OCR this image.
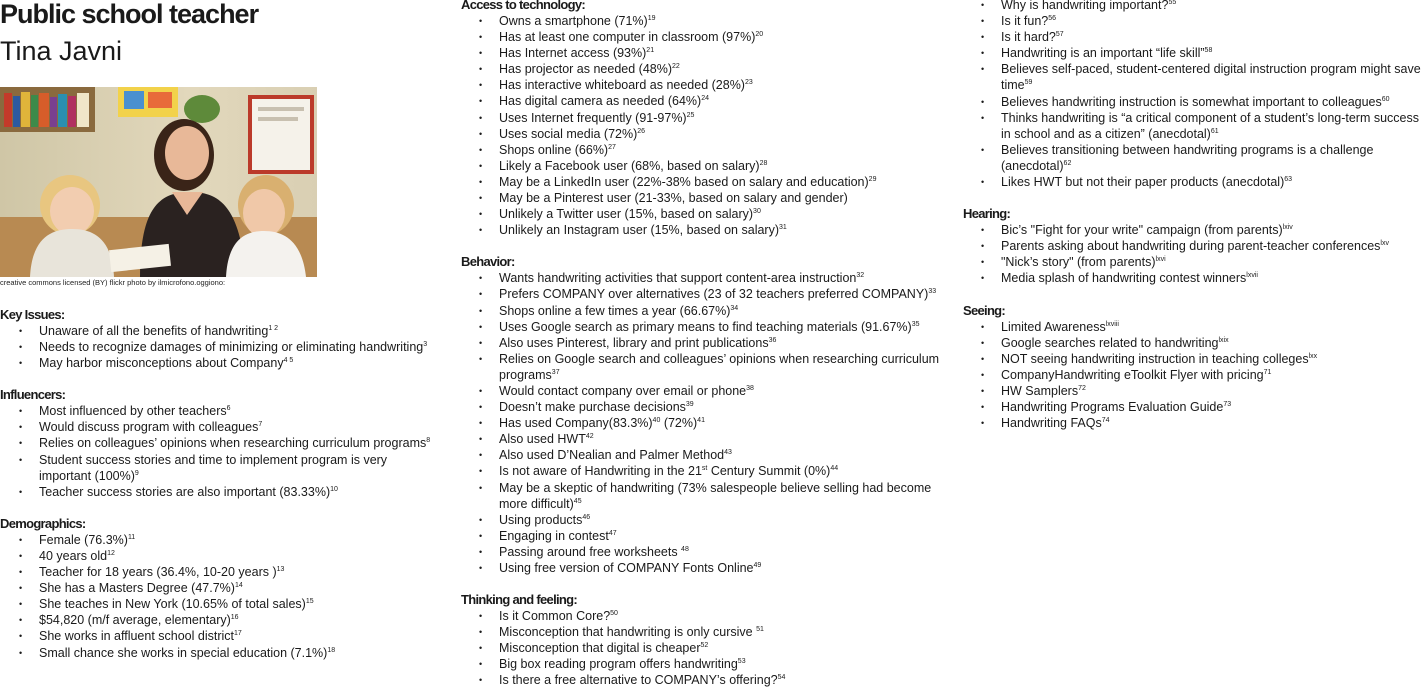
Public school teacher
Tina Javni
creative commons licensed (BY) flickr photo by ilmicrofono.oggiono:
Key Issues:
• Unaware of all the benefits of handwriting$^{1 2}$
• Needs to recognize damages of minimizing or eliminating handwriting$^3$
• May harbor misconceptions about Company$^{4 5}$
Influencers:
• Most influenced by other teachers$^6$
• Would discuss program with colleagues$^7$
• Relies on colleagues’ opinions when researching curriculum programs$^8$
• Student success stories and time to implement program is very important $(100\%)^9$
• Teacher success stories are also important $(83.33\%)^{10}$
Demographics:
• Female $(76.3\%)^{11}$
• 40 years old$^{12}$
• Teacher for 18 years (36.4%, 10-20 years )$^{13}$
• She has a Masters Degree $(47.7\%)^{14}$
• She teaches in New York (10.65% of total sales)$^{15}$
• $54,820 (m/f average, elementary)$^{16}$
• She works in affluent school district$^{17}$
• Small chance she works in special education $(7.1\%)^{18}$
Access to technology:
• Owns a smartphone $(71\%)^{19}$
• Has at least one computer in classroom $(97\%)^{20}$
• Has Internet access $(93\%)^{21}$
• Has projector as needed $(48\%)^{22}$
• Has interactive whiteboard as needed $(28\%)^{23}$
• Has digital camera as needed $(64\%)^{24}$
• Uses Internet frequently $(91-97\%)^{25}$
• Uses social media $(72\%)^{26}$
• Shops online $(66\%)^{27}$
• Likely a Facebook user (68%, based on salary)$^{28}$
• May be a LinkedIn user (22%-38% based on salary and education)$^{29}$
• May be a Pinterest user (21-33%, based on salary and gender)
• Unlikely a Twitter user (15%, based on salary)$^{30}$
• Unlikely an Instagram user (15%, based on salary)$^{31}$
Behavior:
• Wants handwriting activities that support content-area instruction$^{32}$
• Prefers COMPANY over alternatives (23 of 32 teachers preferred COMPANY)$^{33}$
• Shops online a few times a year $(66.67\%)^{34}$
• Uses Google search as primary means to find teaching materials $(91.67\%)^{35}$
• Also uses Pinterest, library and print publications$^{36}$
• Relies on Google search and colleagues’ opinions when researching curriculum programs$^{37}$
• Would contact company over email or phone$^{38}$
• Doesn’t make purchase decisions$^{39}$
• Has used $Company(83.3\%)^{40}$ $(72\%)^{41}$
• Also used HWT$^{42}$
• Also used D’Nealian and Palmer Method$^{43}$
• Is not aware of Handwriting in the 21st Century Summit $(0\%)^{44}$
• May be a skeptic of handwriting (73% salespeople believe selling had become more difficult)$^{45}$
• Using products$^{46}$
• Engaging in contest$^{47}$
• Passing around free worksheets $^{48}$
• Using free version of COMPANY Fonts Online$^{49}$
Thinking and feeling:
• Is it Common Core?$^{50}$
• Misconception that handwriting is only cursive $^{51}$
• Misconception that digital is cheaper$^{52}$
• Big box reading program offers handwriting$^{53}$
• Is there a free alternative to COMPANY’s offering?$^{54}$
• Why is handwriting important?$^{55}$
• Is it fun?$^{56}$
• Is it hard?$^{57}$
• Handwriting is an important “life skill”$^{58}$
• Believes self-paced, student-centered digital instruction program might save time$^{59}$
• Believes handwriting instruction is somewhat important to colleagues$^{60}$
• Thinks handwriting is “a critical component of a student’s long-term success in school and as a citizen” (anecdotal)$^{61}$
• Believes transitioning between handwriting programs is a challenge (anecdotal)$^{62}$
• Likes HWT but not their paper products (anecdotal)$^{63}$
Hearing:
• Bic’s "Fight for your write" campaign (from parents)$^{lxiv}$
• Parents asking about handwriting during parent-teacher conferences$^{lxv}$
• "Nick’s story" (from parents)$^{lxvi}$
• Media splash of handwriting contest winners$^{lxvii}$
Seeing:
• Limited Awareness$^{lxviii}$
• Google searches related to handwriting$^{lxix}$
• NOT seeing handwriting instruction in teaching colleges$^{lxx}$
• CompanyHandwriting eToolkit Flyer with pricing$^{71}$
• HW Samplers$^{72}$
• Handwriting Programs Evaluation Guide$^{73}$
• Handwriting FAQs$^{74}$
